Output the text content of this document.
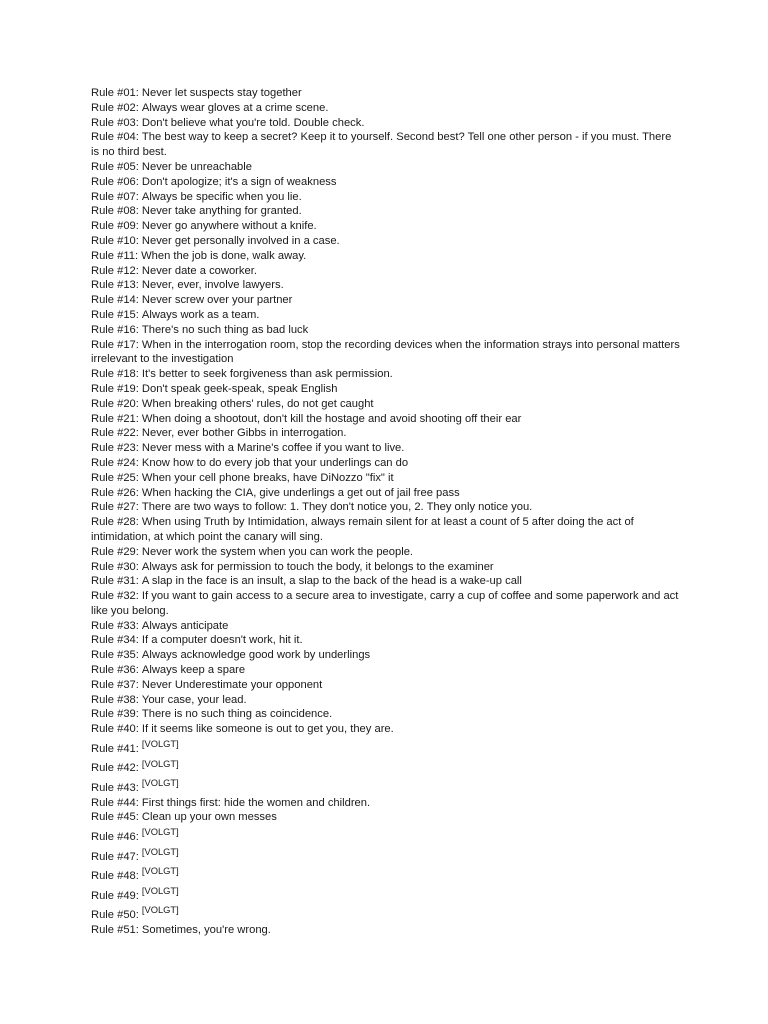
Rule #01: Never let suspects stay together
Rule #02: Always wear gloves at a crime scene.
Rule #03: Don't believe what you're told. Double check.
Rule #04: The best way to keep a secret? Keep it to yourself. Second best? Tell one other person - if you must. There is no third best.
Rule #05: Never be unreachable
Rule #06: Don't apologize; it's a sign of weakness
Rule #07: Always be specific when you lie.
Rule #08: Never take anything for granted.
Rule #09: Never go anywhere without a knife.
Rule #10: Never get personally involved in a case.
Rule #11: When the job is done, walk away.
Rule #12: Never date a coworker.
Rule #13: Never, ever, involve lawyers.
Rule #14: Never screw over your partner
Rule #15: Always work as a team.
Rule #16: There's no such thing as bad luck
Rule #17: When in the interrogation room, stop the recording devices when the information strays into personal matters irrelevant to the investigation
Rule #18: It's better to seek forgiveness than ask permission.
Rule #19: Don't speak geek-speak, speak English
Rule #20: When breaking others' rules, do not get caught
Rule #21: When doing a shootout, don't kill the hostage and avoid shooting off their ear
Rule #22: Never, ever bother Gibbs in interrogation.
Rule #23: Never mess with a Marine's coffee if you want to live.
Rule #24: Know how to do every job that your underlings can do
Rule #25: When your cell phone breaks, have DiNozzo "fix" it
Rule #26: When hacking the CIA, give underlings a get out of jail free pass
Rule #27: There are two ways to follow: 1. They don't notice you, 2. They only notice you.
Rule #28: When using Truth by Intimidation, always remain silent for at least a count of 5 after doing the act of intimidation, at which point the canary will sing.
Rule #29: Never work the system when you can work the people.
Rule #30: Always ask for permission to touch the body, it belongs to the examiner
Rule #31: A slap in the face is an insult, a slap to the back of the head is a wake-up call
Rule #32: If you want to gain access to a secure area to investigate, carry a cup of coffee and some paperwork and act like you belong.
Rule #33: Always anticipate
Rule #34: If a computer doesn't work, hit it.
Rule #35: Always acknowledge good work by underlings
Rule #36: Always keep a spare
Rule #37: Never Underestimate your opponent
Rule #38: Your case, your lead.
Rule #39: There is no such thing as coincidence.
Rule #40: If it seems like someone is out to get you, they are.
Rule #41: [VOLGT]
Rule #42: [VOLGT]
Rule #43: [VOLGT]
Rule #44: First things first: hide the women and children.
Rule #45: Clean up your own messes
Rule #46: [VOLGT]
Rule #47: [VOLGT]
Rule #48: [VOLGT]
Rule #49: [VOLGT]
Rule #50: [VOLGT]
Rule #51: Sometimes, you're wrong.
